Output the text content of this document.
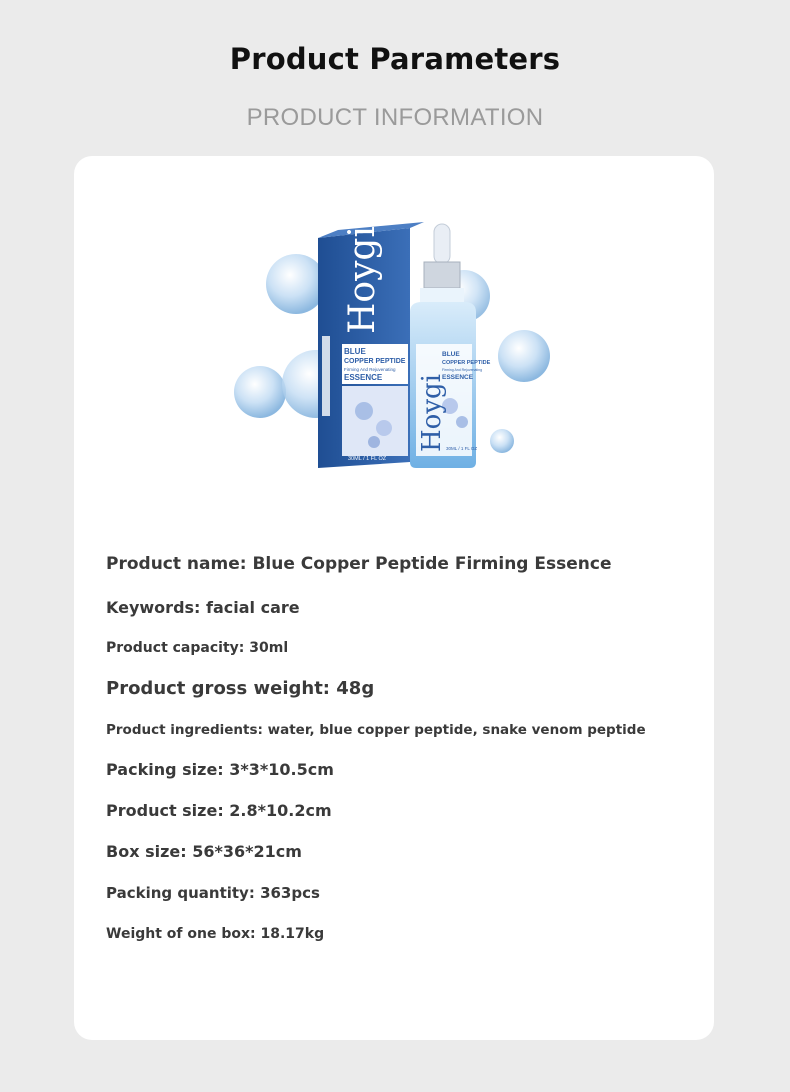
Product Parameters
PRODUCT INFORMATION
BLUE
COPPER PEPTIDE
Firming And Rejuvenating
ESSENCE
Hoygi
30ML / 1 FL OZ
BLUE
COPPER PEPTIDE
Firming And Rejuvenating
ESSENCE
Hoygi 30ML / 1 FL OZ
Product name: Blue Copper Peptide Firming Essence
Keywords: facial care
Product capacity: 30ml
Product gross weight: 48g
Product ingredients: water, blue copper peptide, snake venom peptide
Packing size: 3*3*10.5cm
Product size: 2.8*10.2cm
Box size: 56*36*21cm
Packing quantity: 363pcs
Weight of one box: 18.17kg
